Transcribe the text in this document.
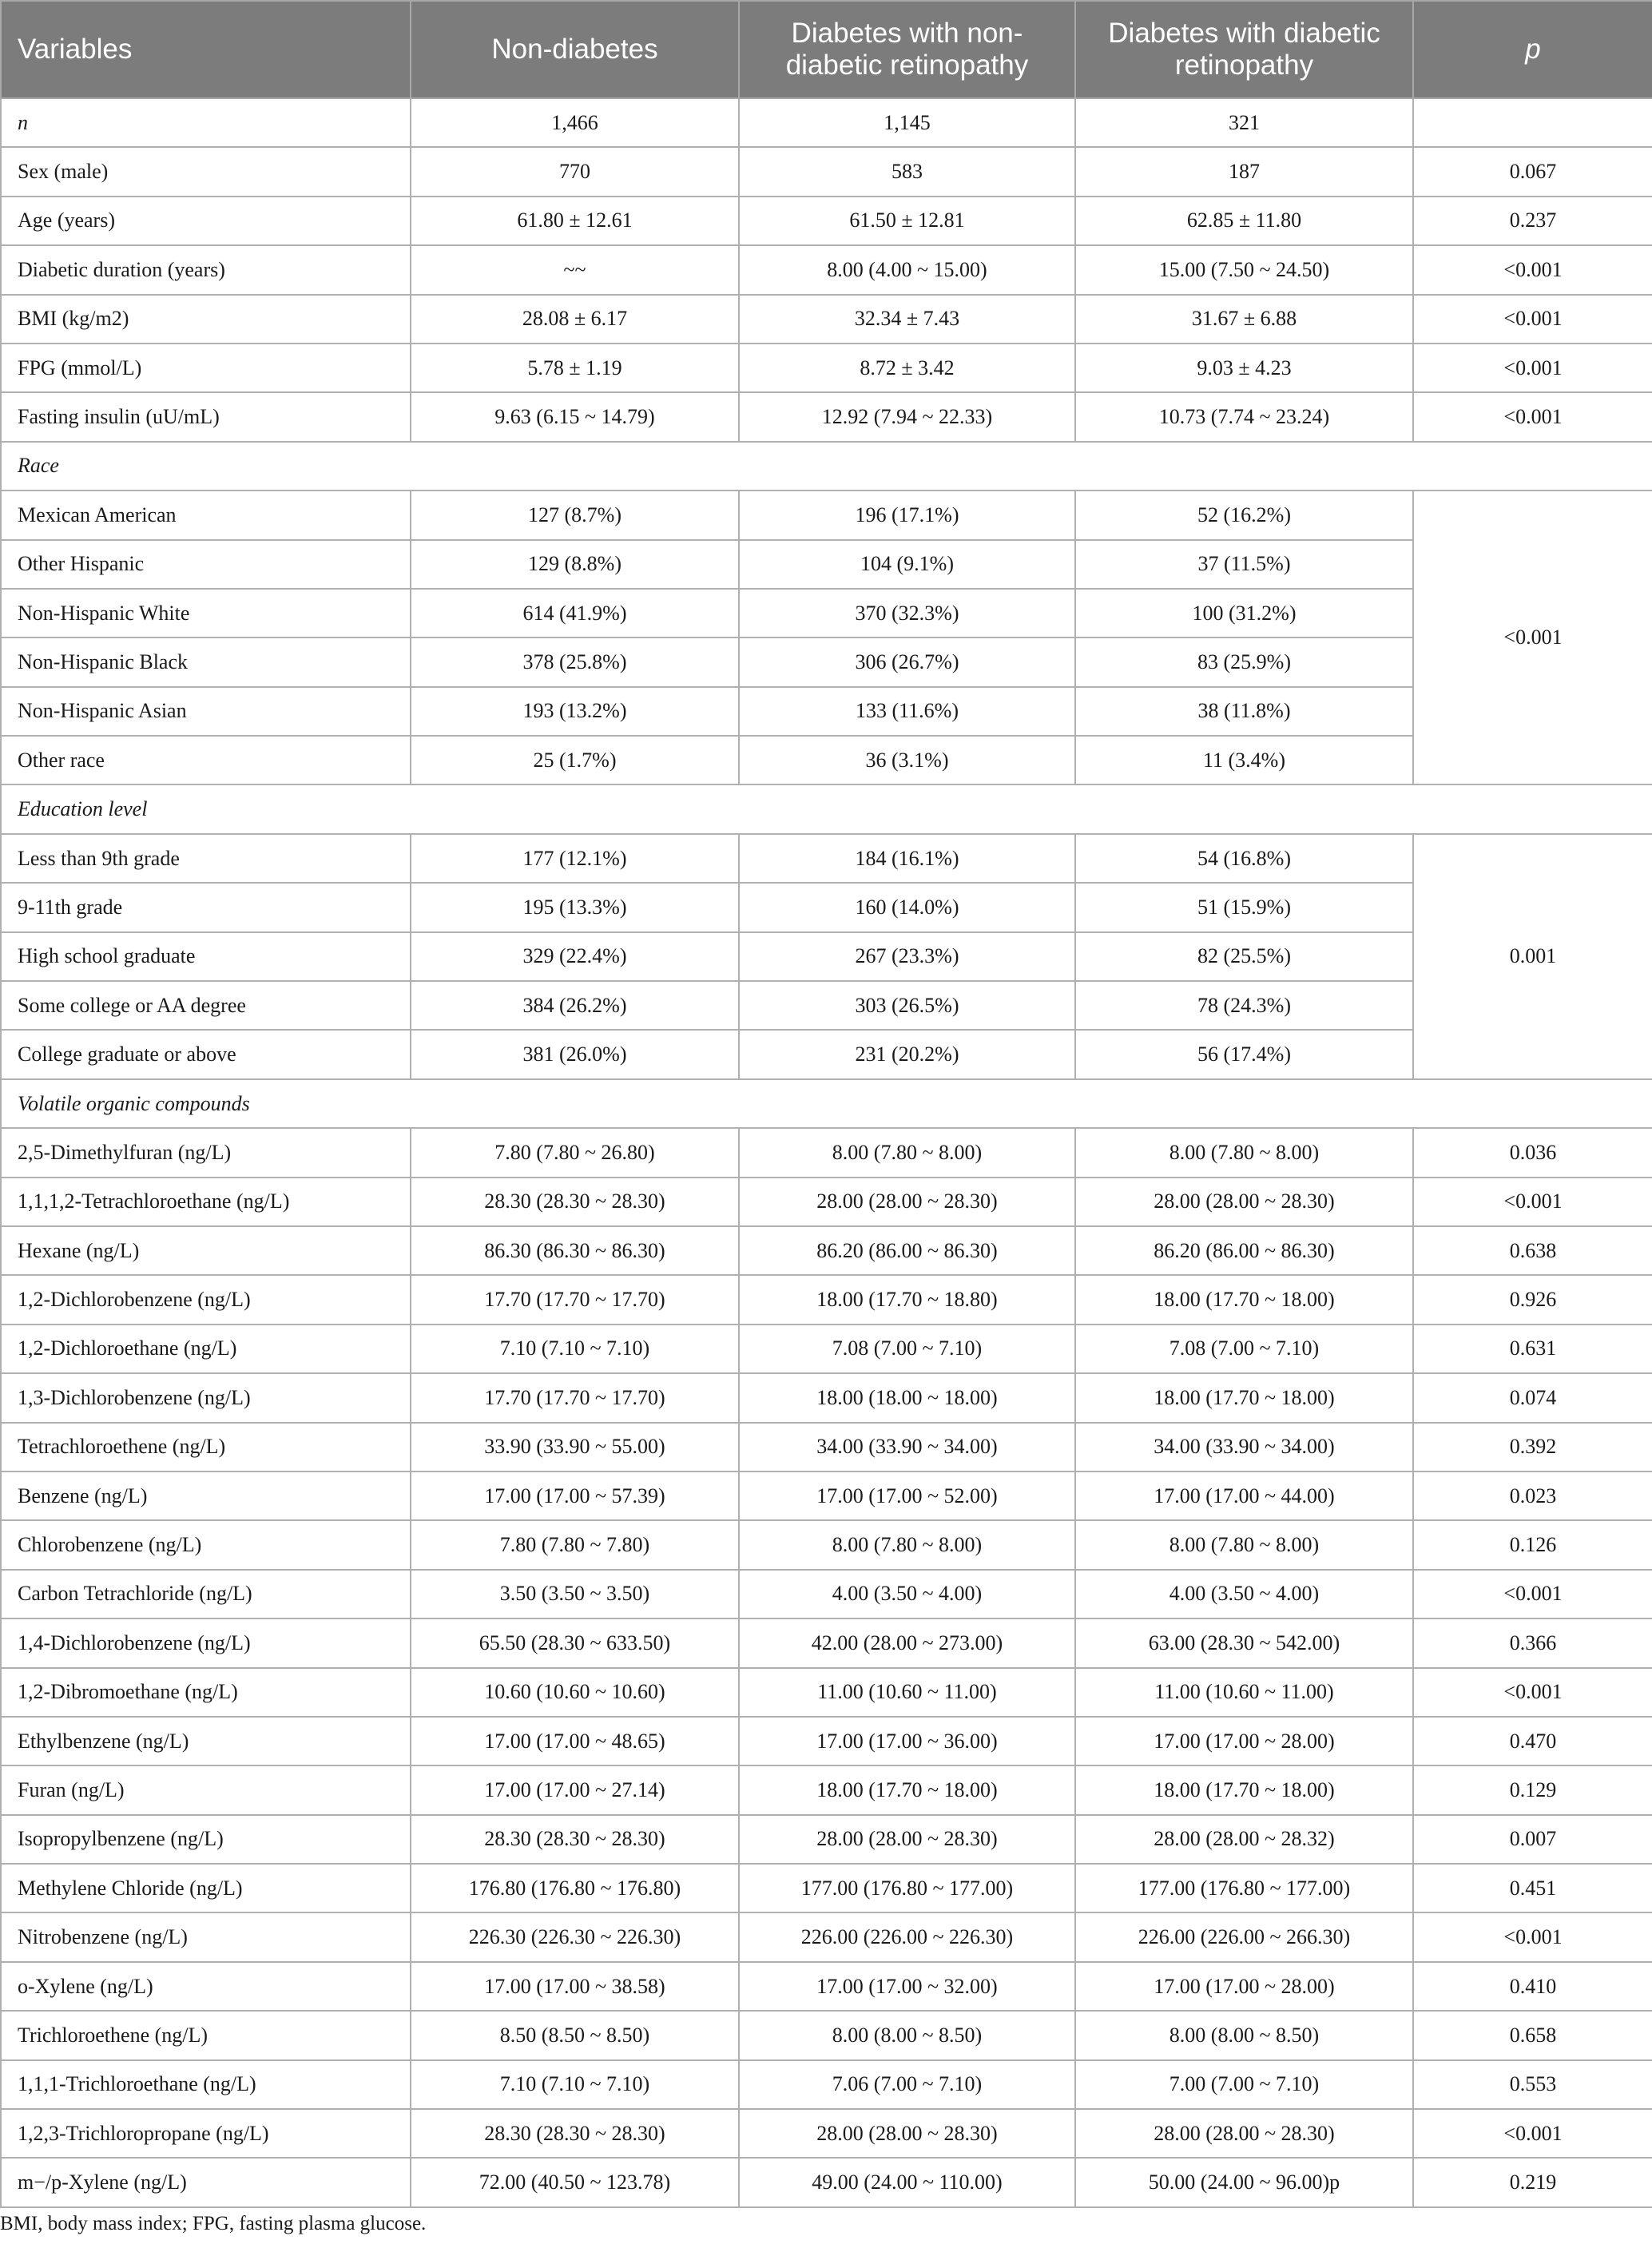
Variables	Non-diabetes	Diabetes with non-diabetic retinopathy	Diabetes with diabetic retinopathy	p
n	1,466	1,145	321	
Sex (male)	770	583	187	0.067
Age (years)	61.80 ± 12.61	61.50 ± 12.81	62.85 ± 11.80	0.237
Diabetic duration (years)	~~	8.00 (4.00 ~ 15.00)	15.00 (7.50 ~ 24.50)	<0.001
BMI (kg/m2)	28.08 ± 6.17	32.34 ± 7.43	31.67 ± 6.88	<0.001
FPG (mmol/L)	5.78 ± 1.19	8.72 ± 3.42	9.03 ± 4.23	<0.001
Fasting insulin (uU/mL)	9.63 (6.15 ~ 14.79)	12.92 (7.94 ~ 22.33)	10.73 (7.74 ~ 23.24)	<0.001
Race				
Mexican American	127 (8.7%)	196 (17.1%)	52 (16.2%)	<0.001
Other Hispanic	129 (8.8%)	104 (9.1%)	37 (11.5%)	
Non-Hispanic White	614 (41.9%)	370 (32.3%)	100 (31.2%)	
Non-Hispanic Black	378 (25.8%)	306 (26.7%)	83 (25.9%)	
Non-Hispanic Asian	193 (13.2%)	133 (11.6%)	38 (11.8%)	
Other race	25 (1.7%)	36 (3.1%)	11 (3.4%)	
Education level				
Less than 9th grade	177 (12.1%)	184 (16.1%)	54 (16.8%)	0.001
9-11th grade	195 (13.3%)	160 (14.0%)	51 (15.9%)	
High school graduate	329 (22.4%)	267 (23.3%)	82 (25.5%)	
Some college or AA degree	384 (26.2%)	303 (26.5%)	78 (24.3%)	
College graduate or above	381 (26.0%)	231 (20.2%)	56 (17.4%)	
Volatile organic compounds				
2,5-Dimethylfuran (ng/L)	7.80 (7.80 ~ 26.80)	8.00 (7.80 ~ 8.00)	8.00 (7.80 ~ 8.00)	0.036
1,1,1,2-Tetrachloroethane (ng/L)	28.30 (28.30 ~ 28.30)	28.00 (28.00 ~ 28.30)	28.00 (28.00 ~ 28.30)	<0.001
Hexane (ng/L)	86.30 (86.30 ~ 86.30)	86.20 (86.00 ~ 86.30)	86.20 (86.00 ~ 86.30)	0.638
1,2-Dichlorobenzene (ng/L)	17.70 (17.70 ~ 17.70)	18.00 (17.70 ~ 18.80)	18.00 (17.70 ~ 18.00)	0.926
1,2-Dichloroethane (ng/L)	7.10 (7.10 ~ 7.10)	7.08 (7.00 ~ 7.10)	7.08 (7.00 ~ 7.10)	0.631
1,3-Dichlorobenzene (ng/L)	17.70 (17.70 ~ 17.70)	18.00 (18.00 ~ 18.00)	18.00 (17.70 ~ 18.00)	0.074
Tetrachloroethene (ng/L)	33.90 (33.90 ~ 55.00)	34.00 (33.90 ~ 34.00)	34.00 (33.90 ~ 34.00)	0.392
Benzene (ng/L)	17.00 (17.00 ~ 57.39)	17.00 (17.00 ~ 52.00)	17.00 (17.00 ~ 44.00)	0.023
Chlorobenzene (ng/L)	7.80 (7.80 ~ 7.80)	8.00 (7.80 ~ 8.00)	8.00 (7.80 ~ 8.00)	0.126
Carbon Tetrachloride (ng/L)	3.50 (3.50 ~ 3.50)	4.00 (3.50 ~ 4.00)	4.00 (3.50 ~ 4.00)	<0.001
1,4-Dichlorobenzene (ng/L)	65.50 (28.30 ~ 633.50)	42.00 (28.00 ~ 273.00)	63.00 (28.30 ~ 542.00)	0.366
1,2-Dibromoethane (ng/L)	10.60 (10.60 ~ 10.60)	11.00 (10.60 ~ 11.00)	11.00 (10.60 ~ 11.00)	<0.001
Ethylbenzene (ng/L)	17.00 (17.00 ~ 48.65)	17.00 (17.00 ~ 36.00)	17.00 (17.00 ~ 28.00)	0.470
Furan (ng/L)	17.00 (17.00 ~ 27.14)	18.00 (17.70 ~ 18.00)	18.00 (17.70 ~ 18.00)	0.129
Isopropylbenzene (ng/L)	28.30 (28.30 ~ 28.30)	28.00 (28.00 ~ 28.30)	28.00 (28.00 ~ 28.32)	0.007
Methylene Chloride (ng/L)	176.80 (176.80 ~ 176.80)	177.00 (176.80 ~ 177.00)	177.00 (176.80 ~ 177.00)	0.451
Nitrobenzene (ng/L)	226.30 (226.30 ~ 226.30)	226.00 (226.00 ~ 226.30)	226.00 (226.00 ~ 266.30)	<0.001
o-Xylene (ng/L)	17.00 (17.00 ~ 38.58)	17.00 (17.00 ~ 32.00)	17.00 (17.00 ~ 28.00)	0.410
Trichloroethene (ng/L)	8.50 (8.50 ~ 8.50)	8.00 (8.00 ~ 8.50)	8.00 (8.00 ~ 8.50)	0.658
1,1,1-Trichloroethane (ng/L)	7.10 (7.10 ~ 7.10)	7.06 (7.00 ~ 7.10)	7.00 (7.00 ~ 7.10)	0.553
1,2,3-Trichloropropane (ng/L)	28.30 (28.30 ~ 28.30)	28.00 (28.00 ~ 28.30)	28.00 (28.00 ~ 28.30)	<0.001
m−/p-Xylene (ng/L)	72.00 (40.50 ~ 123.78)	49.00 (24.00 ~ 110.00)	50.00 (24.00 ~ 96.00)p	0.219
BMI, body mass index; FPG, fasting plasma glucose.
